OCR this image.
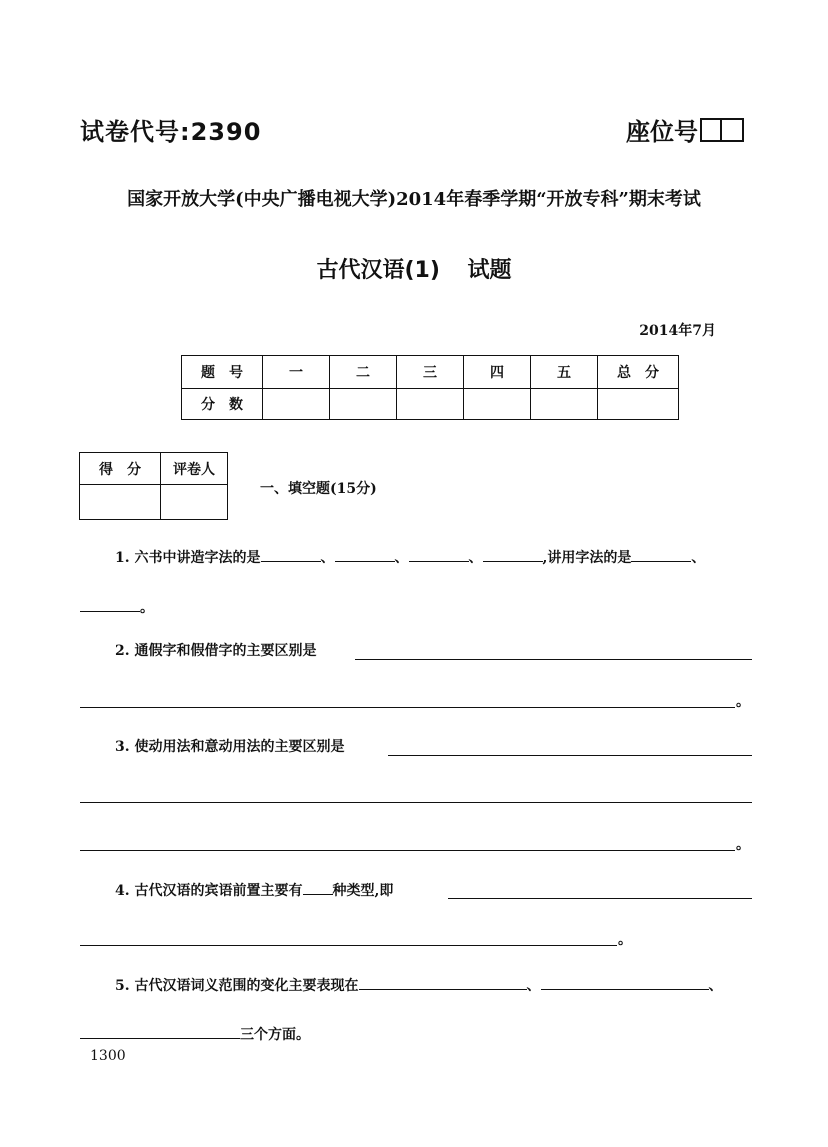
试卷代号:2390	座位号
国家开放大学(中央广播电视大学)2014年春季学期“开放专科”期末考试
古代汉语(1) 试题
2014年7月
题号	一	二	三	四	五	总分
分数						
得分	评卷人

一、填空题(15分)
1. 六书中讲造字法的是	、	、	、	,讲用字法的是	、
。
2. 通假字和假借字的主要区别是
。
3. 使动用法和意动用法的主要区别是
。
4. 古代汉语的宾语前置主要有 种类型,即
。
5. 古代汉语词义范围的变化主要表现在	、	、
三个方面。
1300
